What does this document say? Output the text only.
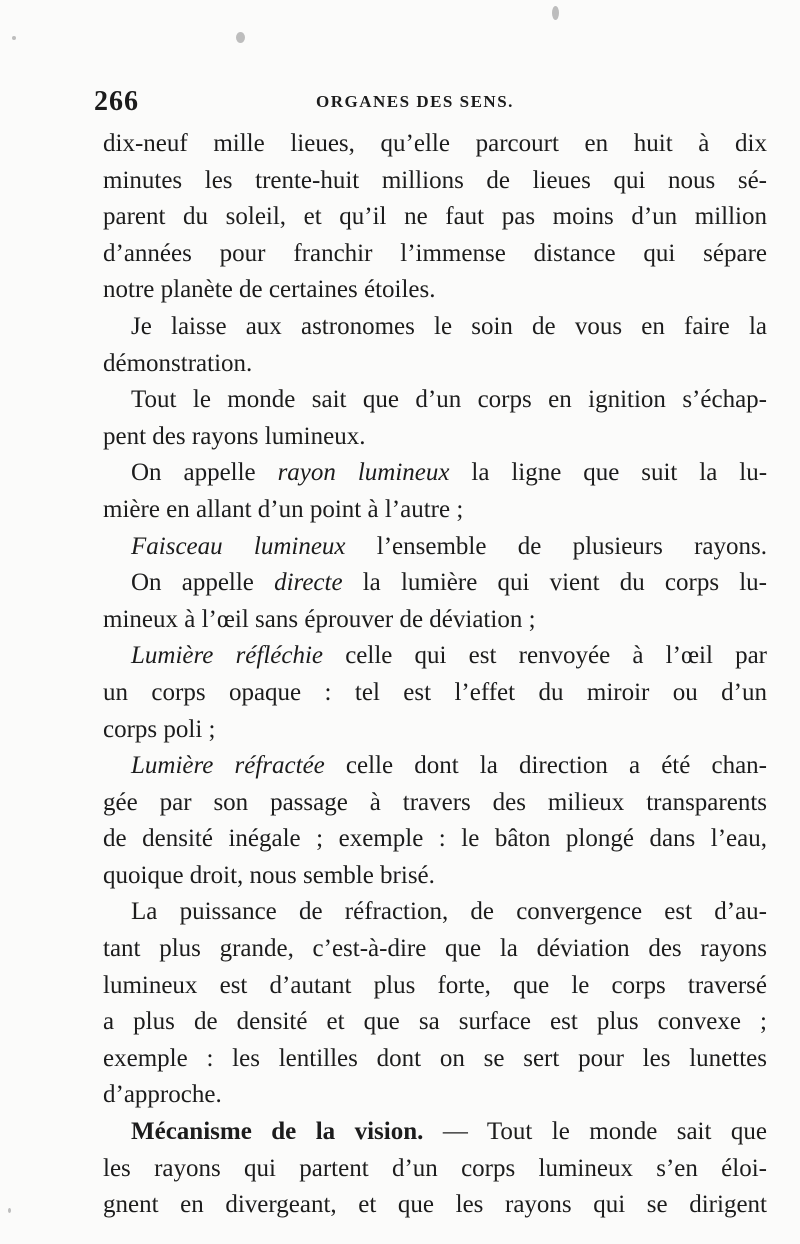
266	ORGANES DES SENS.
dix-neuf mille lieues, qu’elle parcourt en huit à dix
minutes les trente-huit millions de lieues qui nous sé-
parent du soleil, et qu’il ne faut pas moins d’un million
d’années pour franchir l’immense distance qui sépare
notre planète de certaines étoiles.
Je laisse aux astronomes le soin de vous en faire la
démonstration.
Tout le monde sait que d’un corps en ignition s’échap-
pent des rayons lumineux.
On appelle rayon lumineux la ligne que suit la lu-
mière en allant d’un point à l’autre ;
Faisceau lumineux l’ensemble de plusieurs rayons.
On appelle directe la lumière qui vient du corps lu-
mineux à l’œil sans éprouver de déviation ;
Lumière réfléchie celle qui est renvoyée à l’œil par
un corps opaque : tel est l’effet du miroir ou d’un
corps poli ;
Lumière réfractée celle dont la direction a été chan-
gée par son passage à travers des milieux transparents
de densité inégale ; exemple : le bâton plongé dans l’eau,
quoique droit, nous semble brisé.
La puissance de réfraction, de convergence est d’au-
tant plus grande, c’est-à-dire que la déviation des rayons
lumineux est d’autant plus forte, que le corps traversé
a plus de densité et que sa surface est plus convexe ;
exemple : les lentilles dont on se sert pour les lunettes
d’approche.
Mécanisme de la vision. — Tout le monde sait que
les rayons qui partent d’un corps lumineux s’en éloi-
gnent en divergeant, et que les rayons qui se dirigent
